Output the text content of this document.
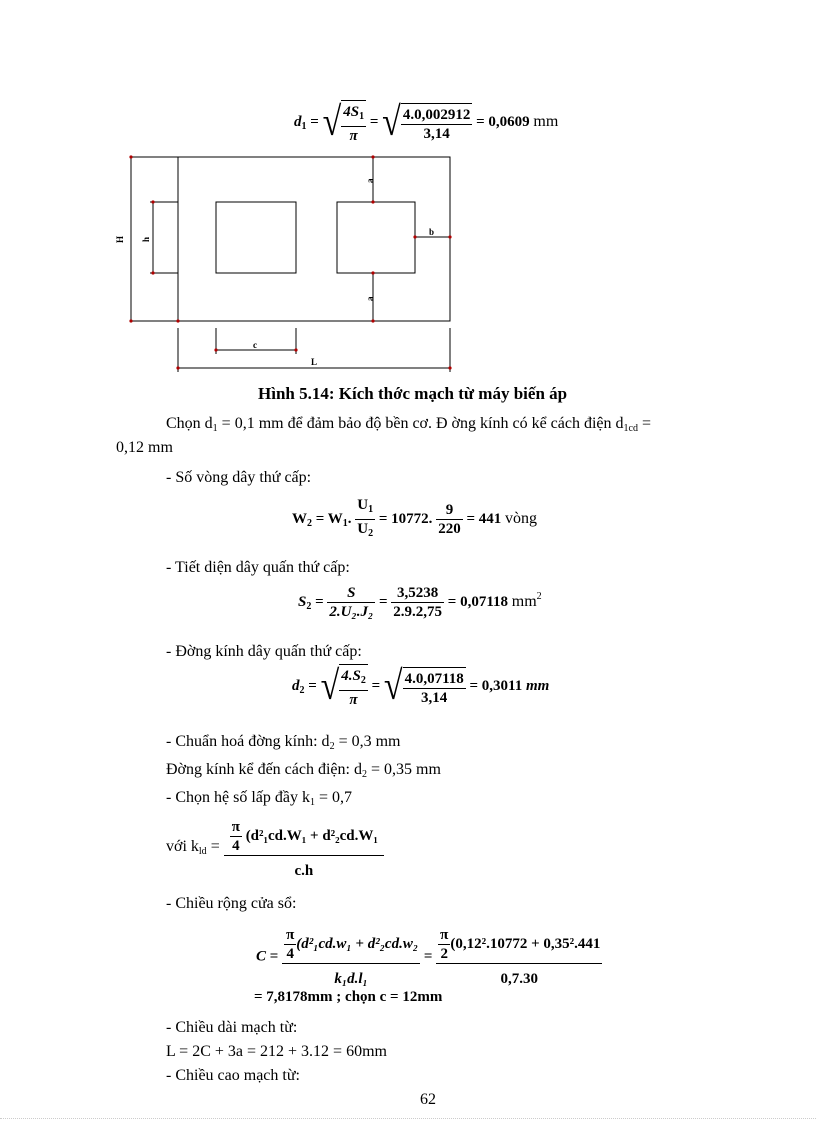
$d_1$ = √ $\frac{4S_1}{\pi}$ = √ $\frac{4.0,002912}{3,14} = 0,0609$ mm
H h
a
a
b
c
L
Hình 5.14: Kích thớc mạch từ máy biến áp
Chọn $d_1 = 0,1$ mm để đảm bảo độ bền cơ. Đ ờng kính có kể cách điện $d_{1cd}$ =
0,12 mm
- Số vòng dây thứ cấp:
$W_2 = W_1$. $\frac{U_1}{U_2} = 10772$. $\frac{9}{220} = 441$ vòng
- Tiết diện dây quấn thứ cấp:
$S_2 = \frac{S}{\text{2.U₂.J₂}} = \frac{3,5238}{2.9.2,75} = 0,07118$ $mm^2$
- Đờng kính dây quấn thứ cấp:
$d_2$ = √ $\frac{4.S_2}{\pi}$ = √ $\frac{4.0,07118}{3,14} = 0,3011$ mm
- Chuẩn hoá đờng kính: $d_2 = 0,3$ mm
Đờng kính kể đến cách điện: $d_2 = 0,35$ mm
- Chọn hệ số lấp đầy $k_1 = 0,7$
với $k_{ld} = \frac{\frac{\pi}{4} (d^2_1cd.W_1 + d^2_2cd.W_1}{c.h}$
- Chiều rộng cửa sổ:
$C = \frac{\frac{\pi}{4} (d^2_1cd.w_1 + d^2_2cd.w_2}{\text{k₁d.l₁}} = \frac{\frac{\pi}{2} (0,12^2.10772 + 0,35^2.441}{0,7.30}$
= 7,8178mm ; chọn c = 12mm
- Chiều dài mạch từ:
L = 2C + 3a = 212 + 3.12 = 60mm
- Chiều cao mạch từ:
62
